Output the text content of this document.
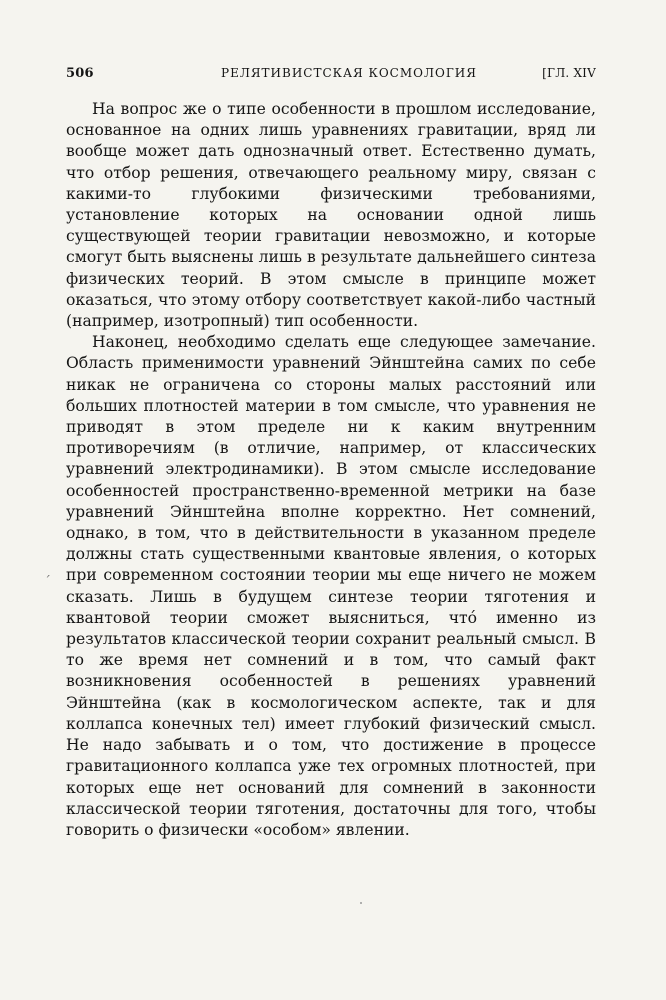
506	РЕЛЯТИВИСТСКАЯ КОСМОЛОГИЯ	[ГЛ. XIV

На вопрос же о типе особенности в прошлом исследование, основанное на одних лишь уравнениях гравитации, вряд ли вообще может дать однозначный ответ. Естественно думать, что отбор решения, отвечающего реальному миру, связан с какими-то глубокими физическими требованиями, установление которых на основании одной лишь существующей теории гравитации невозможно, и которые смогут быть выяснены лишь в результате дальнейшего синтеза физических теорий. В этом смысле в принципе может оказаться, что этому отбору соответствует какой-либо частный (например, изотропный) тип особенности.

Наконец, необходимо сделать еще следующее замечание. Область применимости уравнений Эйнштейна самих по себе никак не ограничена со стороны малых расстояний или больших плотностей материи в том смысле, что уравнения не приводят в этом пределе ни к каким внутренним противоречиям (в отличие, например, от классических уравнений электродинамики). В этом смысле исследование особенностей пространственно-временной метрики на базе уравнений Эйнштейна вполне корректно. Нет сомнений, однако, в том, что в действительности в указанном пределе должны стать существенными квантовые явления, о которых при современном состоянии теории мы еще ничего не можем сказать. Лишь в будущем синтезе теории тяготения и квантовой теории сможет выясниться, что́ именно из результатов классической теории сохранит реальный смысл. В то же время нет сомнений и в том, что самый факт возникновения особенностей в решениях уравнений Эйнштейна (как в космологическом аспекте, так и для коллапса конечных тел) имеет глубокий физический смысл. Не надо забывать и о том, что достижение в процессе гравитационного коллапса уже тех огромных плотностей, при которых еще нет оснований для сомнений в законности классической теории тяготения, достаточны для того, чтобы говорить о физически «особом» явлении.

ˊ
